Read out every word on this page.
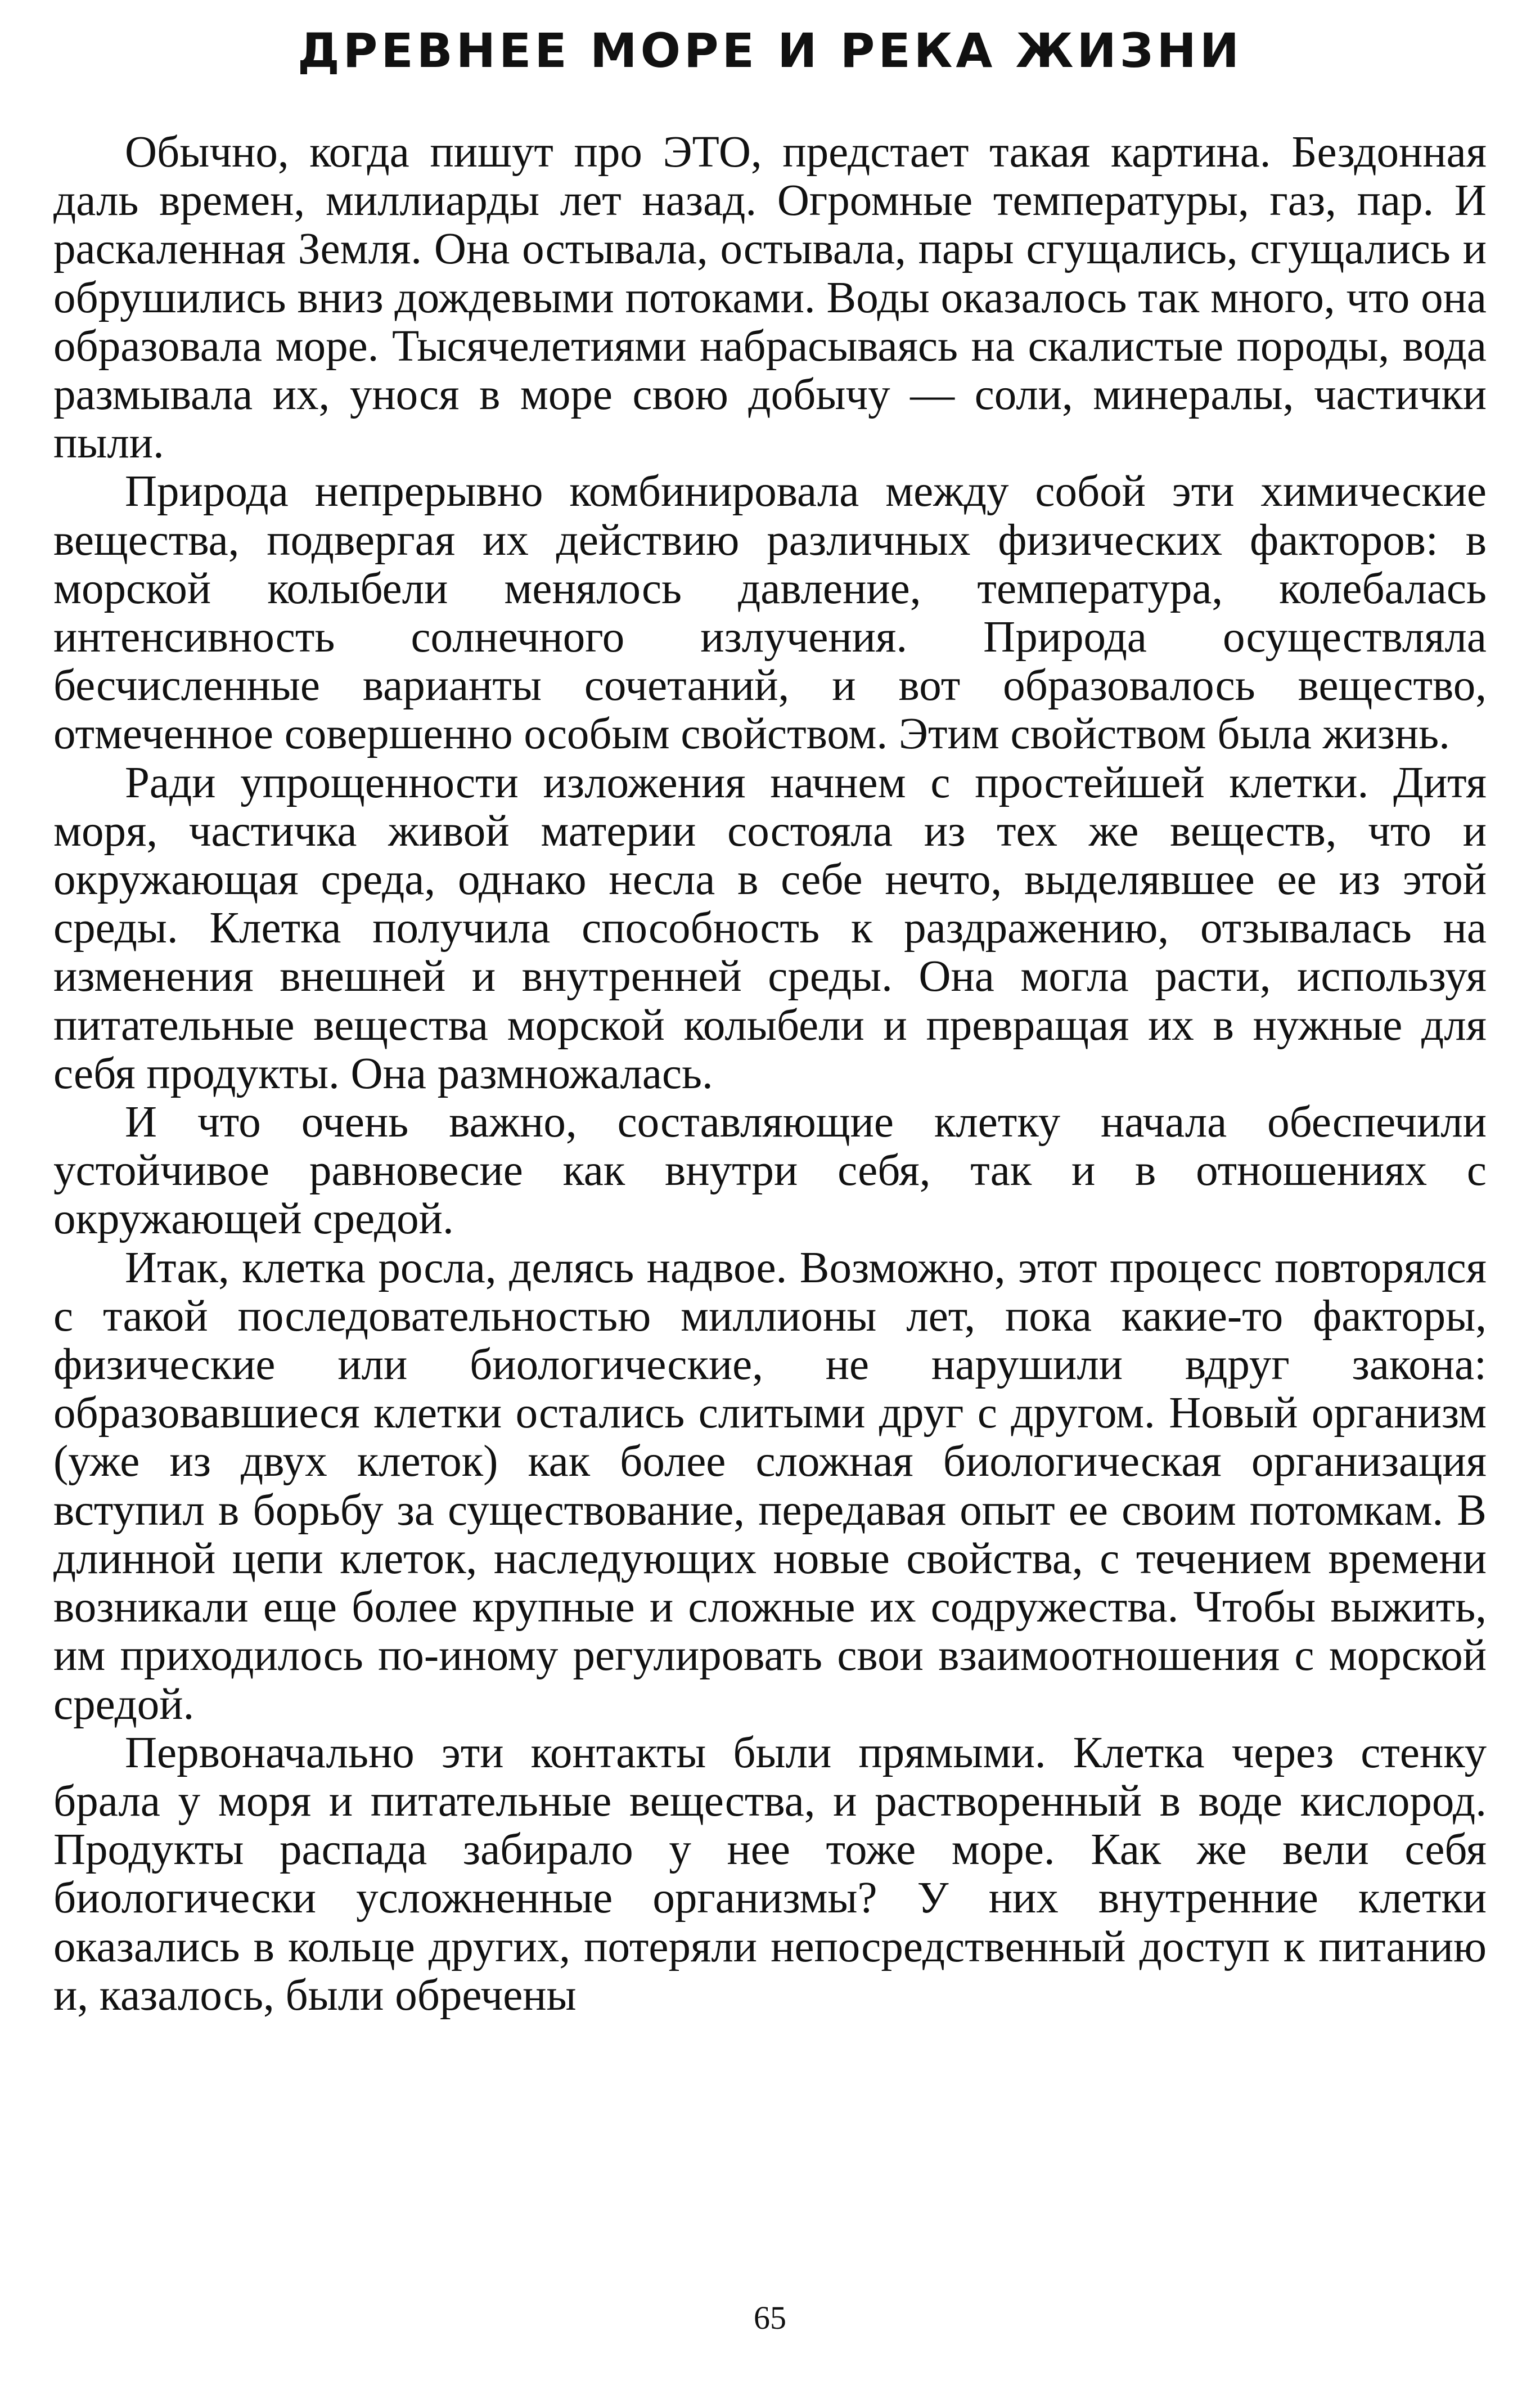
ДРЕВНЕЕ МОРЕ И РЕКА ЖИЗНИ

Обычно, когда пишут про ЭТО, предстает такая картина. Бездонная даль времен, миллиарды лет назад. Огромные температуры, газ, пар. И раскаленная Земля. Она остывала, остывала, пары сгущались, сгущались и обрушились вниз дождевыми потоками. Воды оказалось так много, что она образовала море. Тысячелетиями набрасываясь на скалистые породы, вода размывала их, унося в море свою добычу — соли, минералы, частички пыли.

Природа непрерывно комбинировала между собой эти химические вещества, подвергая их действию различных физических факторов: в морской колыбели менялось давление, температура, колебалась интенсивность солнечного излучения. Природа осуществляла бесчисленные варианты сочетаний, и вот образовалось вещество, отмеченное совершенно особым свойством. Этим свойством была жизнь.

Ради упрощенности изложения начнем с простейшей клетки. Дитя моря, частичка живой материи состояла из тех же веществ, что и окружающая среда, однако несла в себе нечто, выделявшее ее из этой среды. Клетка получила способность к раздражению, отзывалась на изменения внешней и внутренней среды. Она могла расти, используя питательные вещества морской колыбели и превращая их в нужные для себя продукты. Она размножалась.

И что очень важно, составляющие клетку начала обеспечили устойчивое равновесие как внутри себя, так и в отношениях с окружающей средой.

Итак, клетка росла, делясь надвое. Возможно, этот процесс повторялся с такой последовательностью миллионы лет, пока какие-то факторы, физические или биологические, не нарушили вдруг закона: образовавшиеся клетки остались слитыми друг с другом. Новый организм (уже из двух клеток) как более сложная биологическая организация вступил в борьбу за существование, передавая опыт ее своим потомкам. В длинной цепи клеток, наследующих новые свойства, с течением времени возникали еще более крупные и сложные их содружества. Чтобы выжить, им приходилось по-иному регулировать свои взаимоотношения с морской средой.

Первоначально эти контакты были прямыми. Клетка через стенку брала у моря и питательные вещества, и растворенный в воде кислород. Продукты распада забирало у нее тоже море. Как же вели себя биологически усложненные организмы? У них внутренние клетки оказались в кольце других, потеряли непосредственный доступ к питанию и, казалось, были обречены

65
